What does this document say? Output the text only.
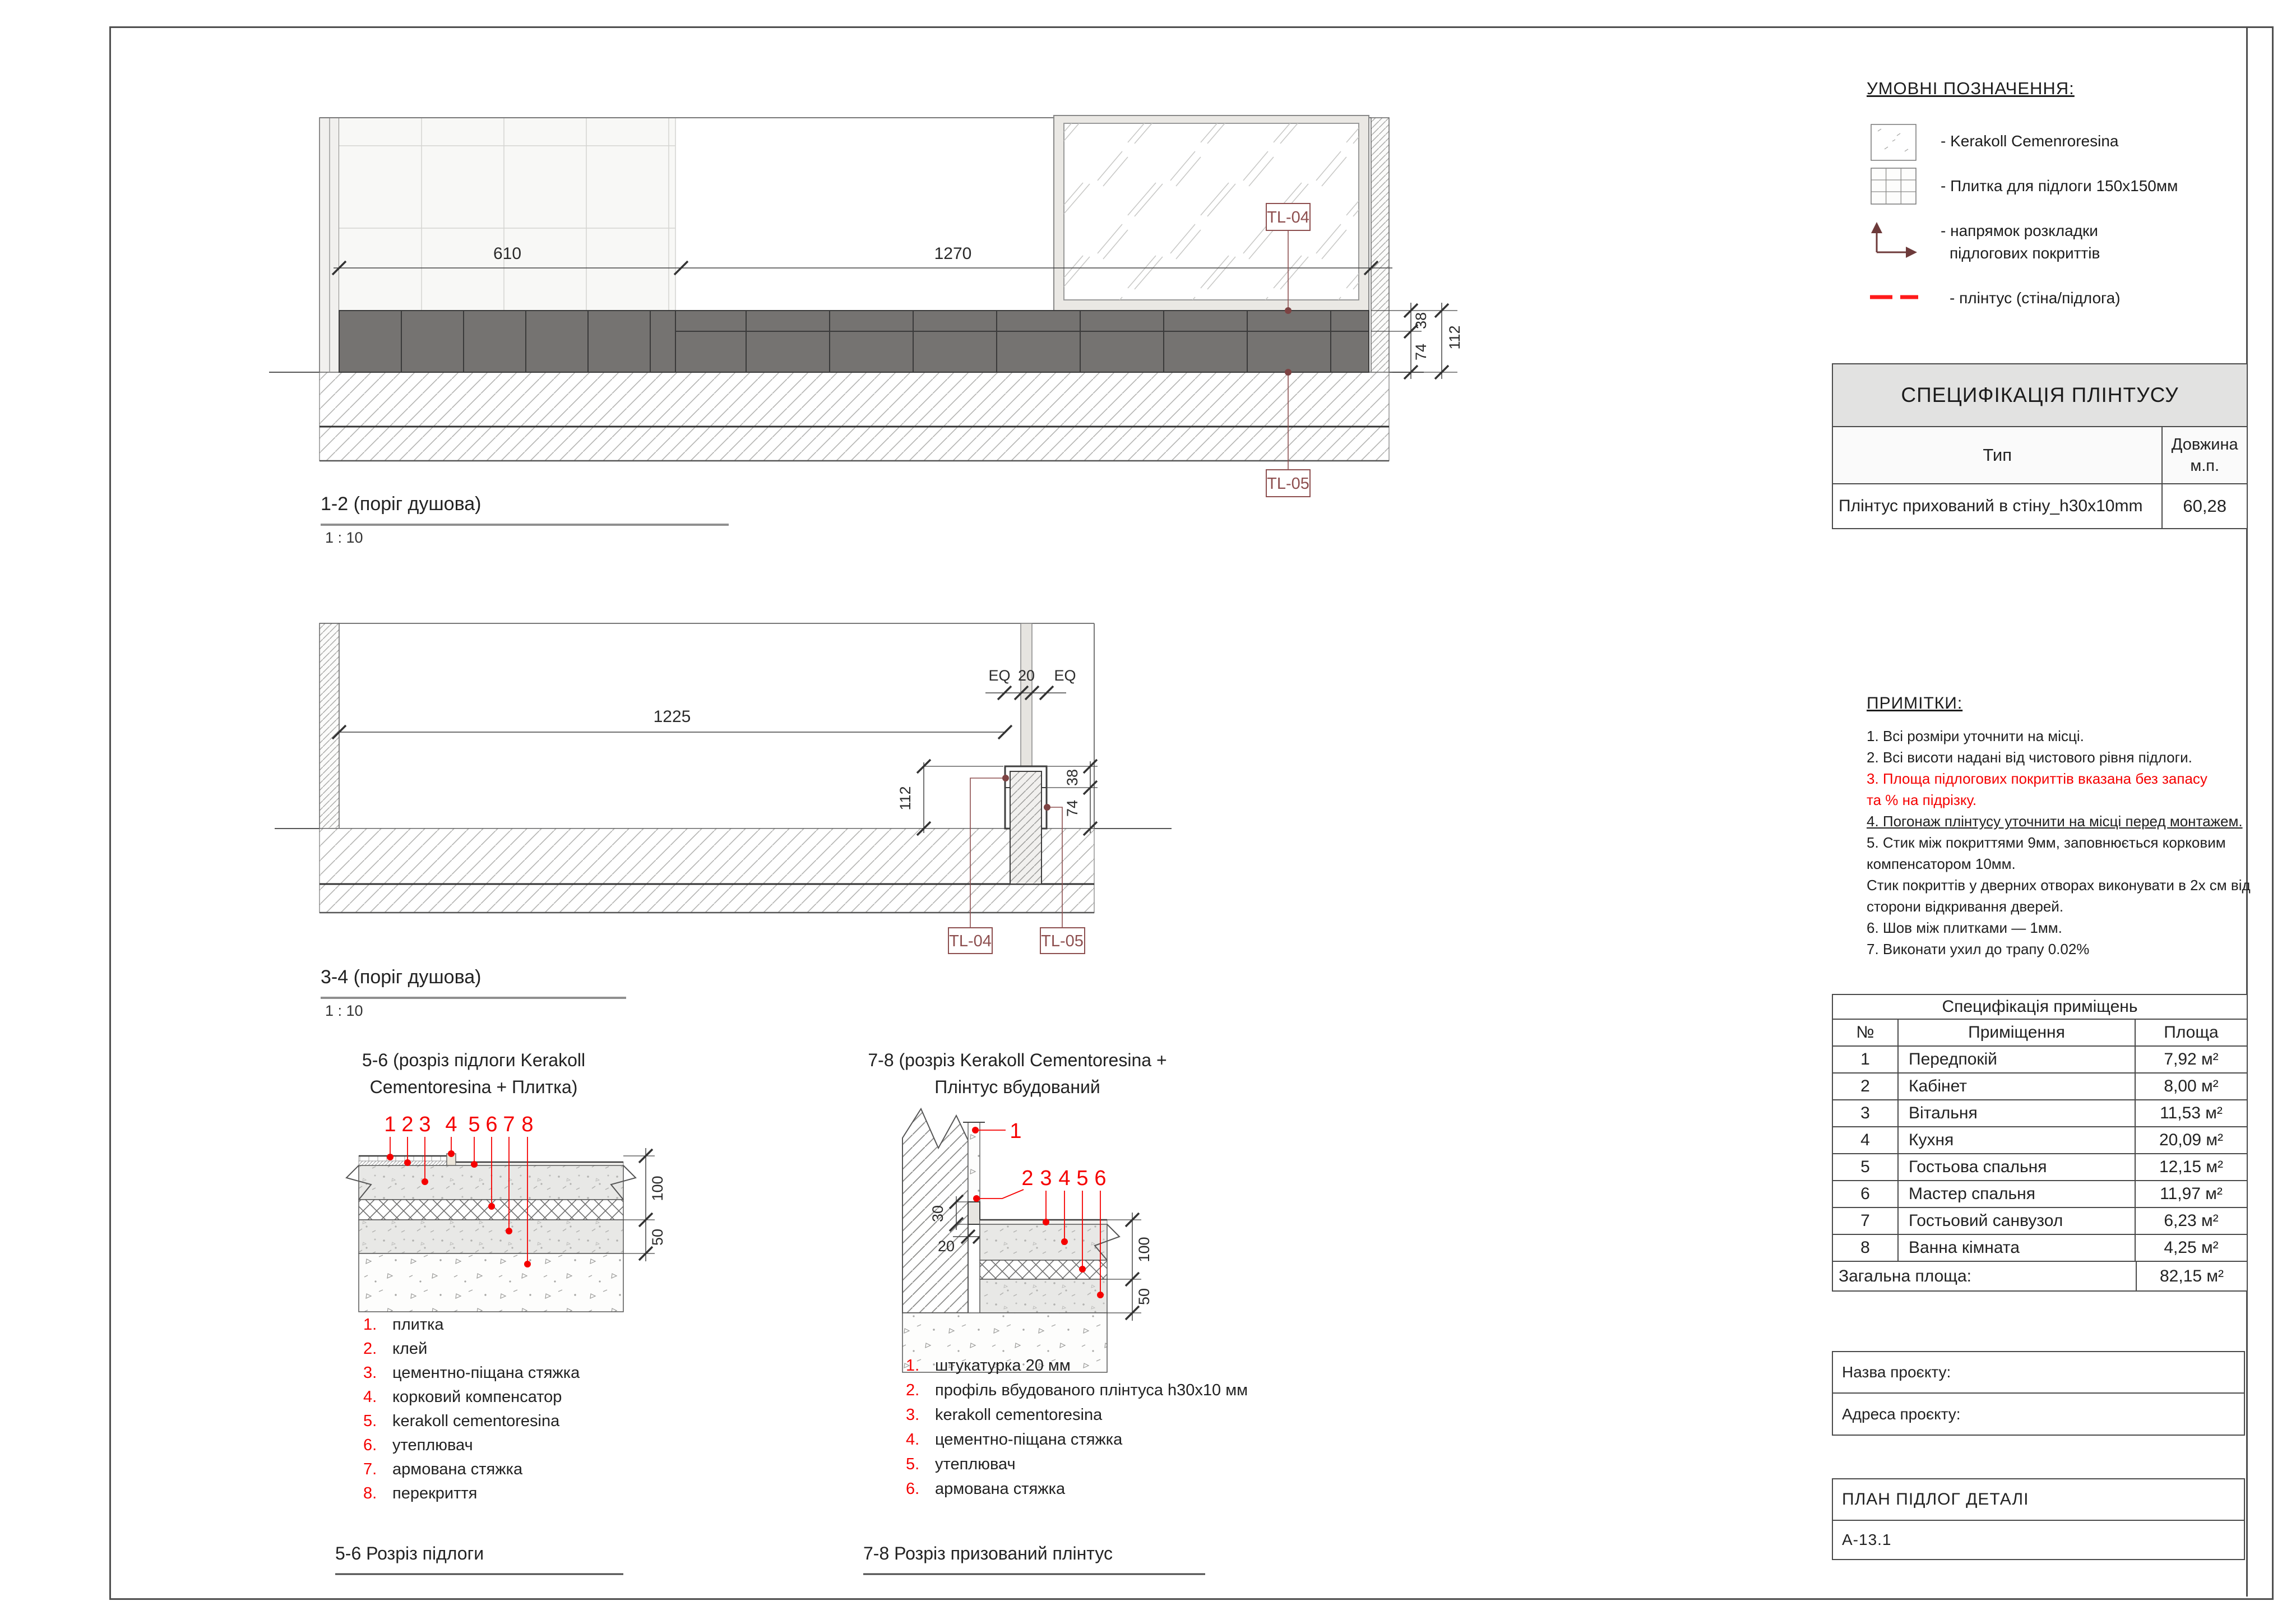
610	1270
38
74
112
TL-04
TL-05
1-2 (поріг душова)
1 : 10
1225
EQ 20 EQ
112
38
74
TL-04	TL-05
3-4 (поріг душова)
1 : 10
5-6 (розріз підлоги Kerakoll
Cementoresina + Плитка)
100
50
1 2 3 4 5 6 7 8
1. плитка
2. клей
3. цементно-піщана стяжка
4. корковий компенсатор
5. kerakoll cementoresina
6. утеплювач
7. армована стяжка
8. перекриття
5-6 Розріз підлоги
7-8 (розріз Kerakoll Cementoresina +
Плінтус вбудований
30
20	100
50
1
2 3 4 5 6
1. штукатурка 20 мм
2. профіль вбудованого плінтуса h30x10 мм
3. kerakoll cementoresina
4. цементно-піщана стяжка
5. утеплювач
6. армована стяжка
7-8 Розріз призований плінтус
УМОВНІ ПОЗНАЧЕННЯ:
- Kerakoll Cemenroresina
- Плитка для підлоги 150x150мм
- напрямок розкладки
підлогових покриттів
- плінтус (стіна/підлога)
СПЕЦИФІКАЦІЯ ПЛІНТУСУ
Тип
Довжина
м.п.
Плінтус прихований в стіну_h30x10mm	60,28
ПРИМІТКИ:
1. Всі розміри уточнити на місці.
2. Всі висоти надані від чистового рівня підлоги.
3. Площа підлогових покриттів вказана без запасу
та % на підрізку.
4. Погонаж плінтусу уточнити на місці перед монтажем.
5. Стик між покриттями 9мм, заповнюється корковим
компенсатором 10мм.
Стик покриттів у дверних отворах виконувати в 2х см від
сторони відкривання дверей.
6. Шов між плитками — 1мм.
7. Виконати ухил до трапу 0.02%
Специфікація приміщень
№	Приміщення	Площа
1	Передпокій	7,92 м²
2	Кабінет	8,00 м²
3	Вітальня	11,53 м²
4	Кухня	20,09 м²
5	Гостьова спальня	12,15 м²
6	Мастер спальня	11,97 м²
7	Гостьовий санвузол	6,23 м²
8	Ванна кімната	4,25 м²
Загальна площа:	82,15 м²
Назва проєкту:
Адреса проєкту:
ПЛАН ПІДЛОГ ДЕТАЛІ
A-13.1
